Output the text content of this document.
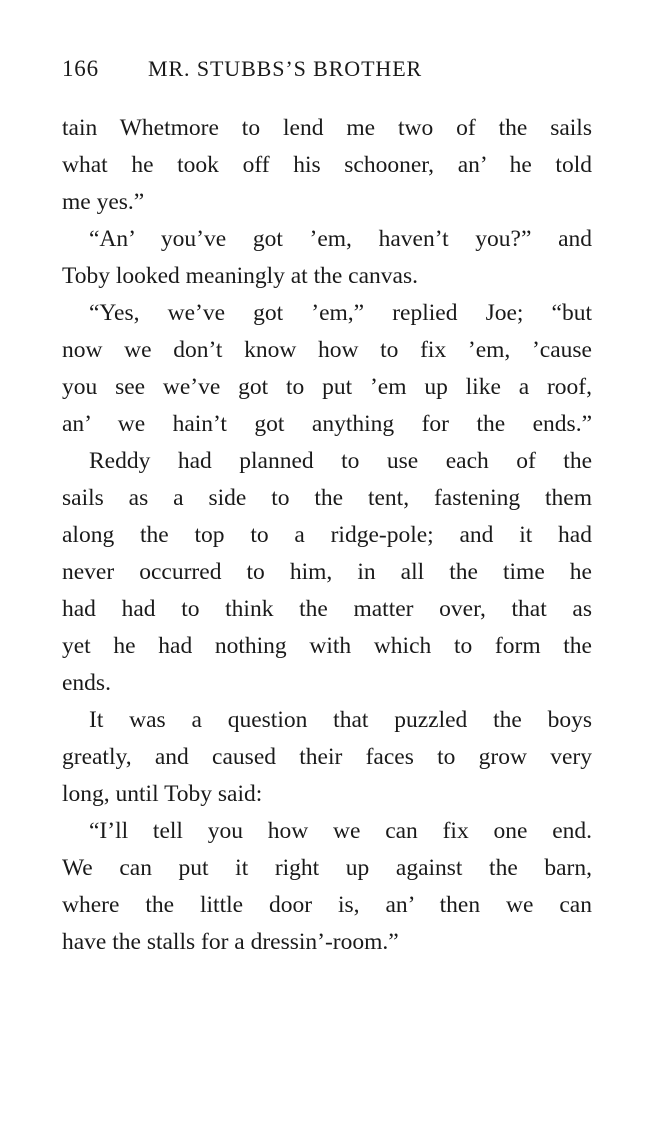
166	MR. STUBBS’S BROTHER
tain Whetmore to lend me two of the sails
what he took off his schooner, an’ he told
me yes.”
“An’ you’ve got ’em, haven’t you?” and
Toby looked meaningly at the canvas.
“Yes, we’ve got ’em,” replied Joe; “but
now we don’t know how to fix ’em, ’cause
you see we’ve got to put ’em up like a roof,
an’ we hain’t got anything for the ends.”
Reddy had planned to use each of the
sails as a side to the tent, fastening them
along the top to a ridge-pole; and it had
never occurred to him, in all the time he
had had to think the matter over, that as
yet he had nothing with which to form the
ends.
It was a question that puzzled the boys
greatly, and caused their faces to grow very
long, until Toby said:
“I’ll tell you how we can fix one end.
We can put it right up against the barn,
where the little door is, an’ then we can
have the stalls for a dressin’-room.”
